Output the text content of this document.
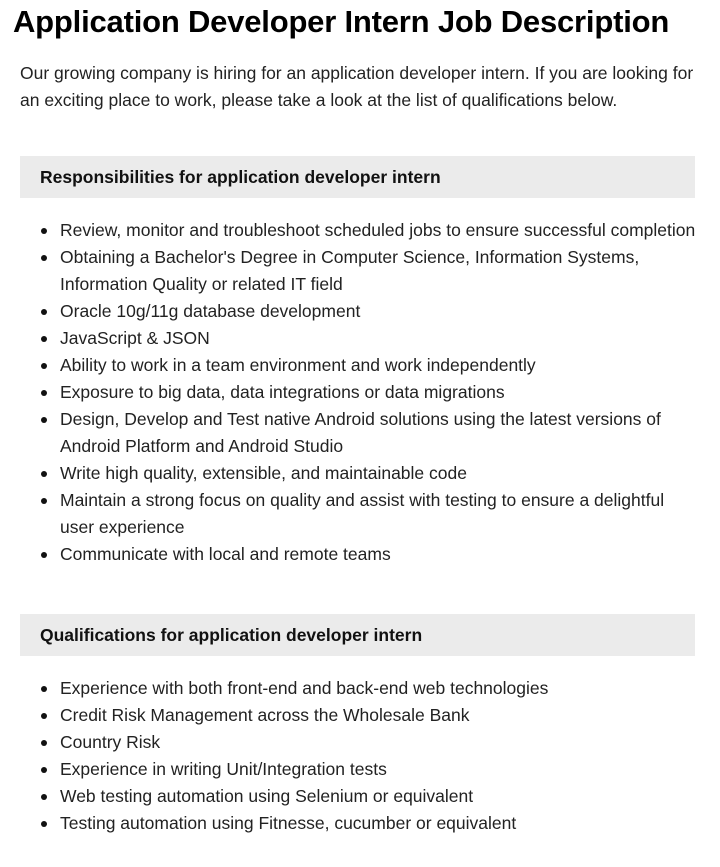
Application Developer Intern Job Description

Our growing company is hiring for an application developer intern. If you are looking for an exciting place to work, please take a look at the list of qualifications below.

Responsibilities for application developer intern
Review, monitor and troubleshoot scheduled jobs to ensure successful completion
Obtaining a Bachelor's Degree in Computer Science, Information Systems, Information Quality or related IT field
Oracle 10g/11g database development
JavaScript & JSON
Ability to work in a team environment and work independently
Exposure to big data, data integrations or data migrations
Design, Develop and Test native Android solutions using the latest versions of Android Platform and Android Studio
Write high quality, extensible, and maintainable code
Maintain a strong focus on quality and assist with testing to ensure a delightful user experience
Communicate with local and remote teams
Qualifications for application developer intern
Experience with both front-end and back-end web technologies
Credit Risk Management across the Wholesale Bank
Country Risk
Experience in writing Unit/Integration tests
Web testing automation using Selenium or equivalent
Testing automation using Fitnesse, cucumber or equivalent
